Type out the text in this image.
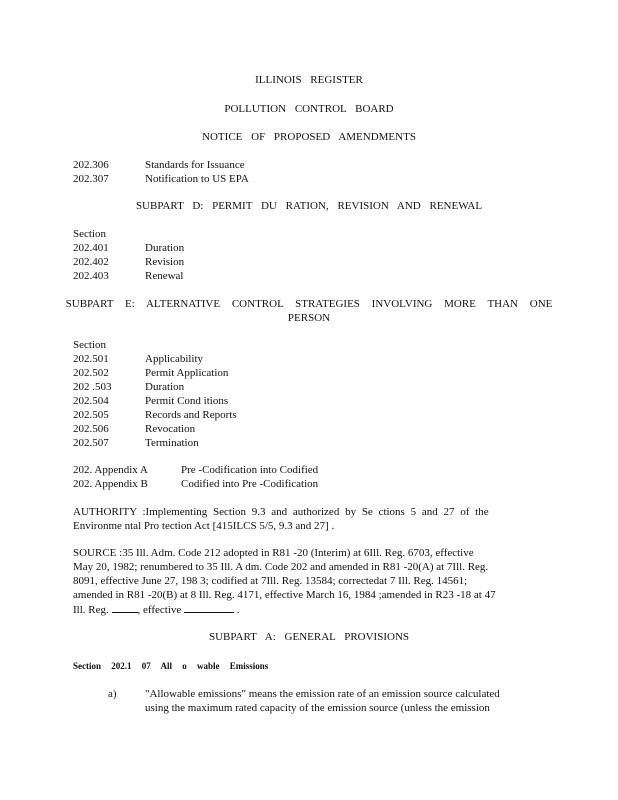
ILLINOIS REGISTER
POLLUTION CONTROL BOARD
NOTICE OF PROPOSED AMENDMENTS
202.306	Standards for Issuance
202.307	Notification to US EPA
SUBPART D: PERMIT DU RATION, REVISION AND RENEWAL
Section
202.401	Duration
202.402	Revision
202.403	Renewal
SUBPART E: ALTERNATIVE CONTROL STRATEGIES INVOLVING MORE THAN ONE
PERSON
Section
202.501	Applicability
202.502	Permit Application
202 .503	Duration
202.504	Permit Cond itions
202.505	Records and Reports
202.506	Revocation
202.507	Termination
202. Appendix A	Pre -Codification into Codified
202. Appendix B	Codified into Pre -Codification
AUTHORITY :Implementing Section 9.3 and authorized by Se ctions 5 and 27 of the
Environme ntal Pro tection Act [415ILCS 5/5, 9.3 and 27] .
SOURCE :35 Ill. Adm. Code 212 adopted in R81 -20 (Interim) at 6Ill. Reg. 6703, effective
May 20, 1982; renumbered to 35 Ill. A dm. Code 202 and amended in R81 -20(A) at 7Ill. Reg.
8091, effective June 27, 198 3; codified at 7Ill. Reg. 13584; correctedat 7 Ill. Reg. 14561;
amended in R81 -20(B) at 8 Ill. Reg. 4171, effective March 16, 1984 ;amended in R23 -18 at 47
Ill. Reg.	, effective	.
SUBPART A: GENERAL PROVISIONS
Section 202.1 07 All o wable Emissions
a)	"Allowable emissions" means the emission rate of an emission source calculated
using the maximum rated capacity of the emission source (unless the emission
